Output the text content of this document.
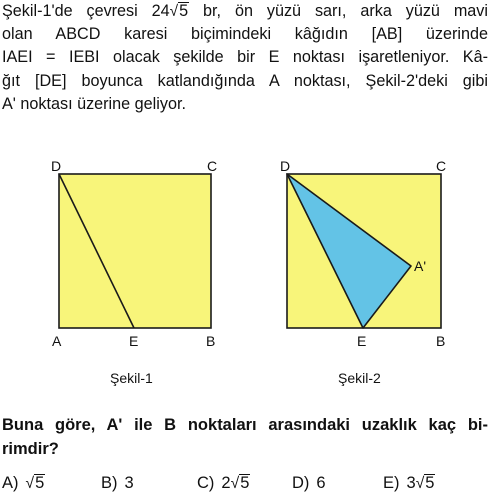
Şekil-1'de çevresi 24√5 br, ön yüzü sarı, arka yüzü mavi
olan ABCD karesi biçimindeki kâğıdın [AB] üzerinde
IAEI = IEBI olacak şekilde bir E noktası işaretleniyor. Kâ-
ğıt [DE] boyunca katlandığında A noktası, Şekil-2'deki gibi
A' noktası üzerine geliyor.
D	C
A	E	B
Şekil-1
D	C
A'
E	B
Şekil-2
Buna göre, A' ile B noktaları arasındaki uzaklık kaç bi-
rimdir?
A) √5	B) 3	C) 2√5	D) 6	E) 3√5
